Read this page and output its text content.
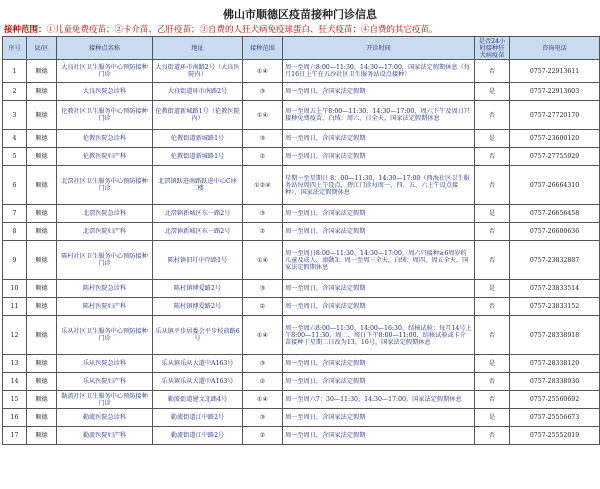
佛山市顺德区疫苗接种门诊信息
接种范围：①儿童免费疫苗；②卡介苗、乙肝疫苗；③自费的人狂犬病免疫球蛋白、狂犬疫苗；④自费的其它疫苗。
序号	县/区	接种点名称	地址	接种范围	开诊时间	是否24小时接种狂犬病疫苗	咨询电话
1	顺德	大良社区卫生服务中心预防接种门诊	大良街道环市南路2号（大良医院内）	①④	周一至周六8:00—11:30、14:30—17:00，国家法定假期休息（每月16日上午在五沙社区卫生服务站设点接种）	否	0757-22913611
2	顺德	大良医院急诊科	大良街道环市南路2号	③	周一至周日，含国家法定假期	是	0757-22913603
3	顺德	伦教社区卫生服务中心预防接种门诊	伦教街道新城路1号（伦教医院内）	①④	周一至周五上午8:00—11:30、14:30—17:00，周六下午及周日只接种免费疫苗，白绒：周六、日全天，国家法定假期休息	否	0757-27720170
4	顺德	伦教医院急诊科	伦教街道新城路1号	③	周一至周日，含国家法定假期	是	0757-23600120
5	顺德	伦教医院妇产科	伦教街道新城路1号	②	周一至周日，含国家法定假期	否	0757-27755929
6	顺德	北滘社区卫生服务中心预防接种门诊	北滘镇跃进南路跃进中心C座二楼	①②④	星期一至星期日 8：00—11:30、14:30—17:00（西海社区卫生服务站每周四上午设点，碧江门诊每周一、四、五、六上午设点接种），国家法定假期休息	否	0757-26664310
7	顺德	北滘医院急诊科	北滘镇新城区东一路2号	③	周一至周日，含国家法定假期	是	0757-26656458
8	顺德	北滘医院妇产科	北滘镇新城区东一路2号	②	周一至周日，含国家法定假期	否	0757-26600636
9	顺德	陈村社区卫生服务中心预防接种门诊	陈村镇旧圩中岸路1号	①④	周一至周日8:00—11:30、14:30—17:00，周六只接种≥6周岁的儿童及成人，滚動3：周一至周三全天，白绒：周四、周五全天，国家法定假期休息	否	0757-23832887
10	顺德	陈村医院急诊科	陈村镇博爱路2号	③	周一至周日，含国家法定假期	是	0757-23833514
11	顺德	陈村医院妇产科	陈村镇博爱路2号	②	周一至周日，含国家法定假期	否	0757-23833152
12	顺德	乐从社区卫生服务中心预防接种门诊	乐从镇平步居委会平步校前路6号	①④	周一至周六8:00—11:30、14:00—16:30，结核试验：每月14号上午8:00—11:30，周二、周日下午8:00—11:00，结核试验或卡介苗接种于星期二日改为13、16号，国家法定假期休息	否	0757-28338918
13	顺德	乐从医院急诊科	乐从镇乐从大道中A163号	③	周一至周日，含国家法定假期	是	0757-28338120
14	顺德	乐从医院妇产科	乐从镇乐从大道中A163号	②	周一至周日，含国家法定假期	否	0757-28338930
15	顺德	勒流社区卫生服务中心预防接种门诊	勒流街道建文北路4号	①④	周一至周六7：30—11:30、14:30—17:00，国家法定假期休息	否	0757-25560692
16	顺德	勒流医院急诊科	勒流街道江中路2号	③	周一至周日，含国家法定假期	是	0757-25556673
17	顺德	勒流医院妇产科	勒流街道江中路2号	②	周一至周日，含国家法定假期	否	0757-25552019
